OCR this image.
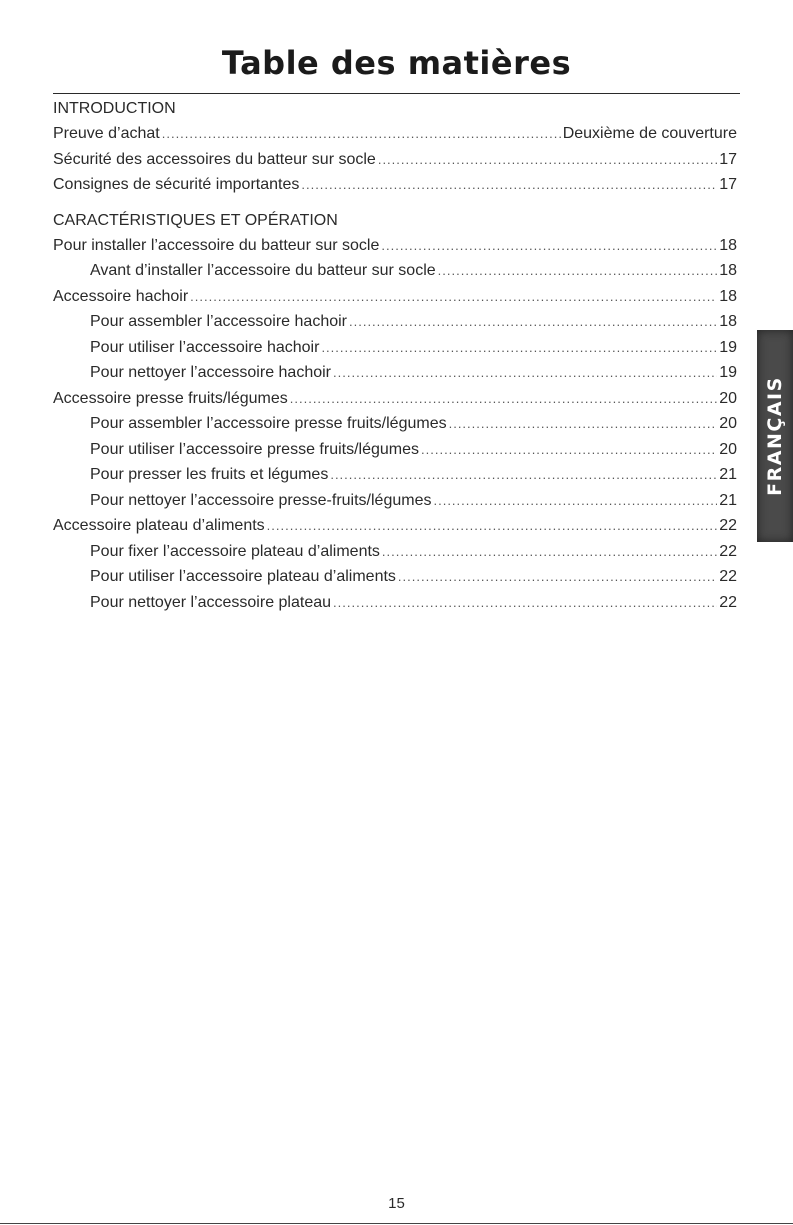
Table des matières
INTRODUCTION
Preuve d’achat .....	Deuxième de couverture
Sécurité des accessoires du batteur sur socle .....	17
Consignes de sécurité importantes .....	17
CARACTÉRISTIQUES ET OPÉRATION
Pour installer l’accessoire du batteur sur socle .....	18
Avant d’installer l’accessoire du batteur sur socle .....	18
Accessoire hachoir .....	18
Pour assembler l’accessoire hachoir .....	18
Pour utiliser l’accessoire hachoir .....	19
Pour nettoyer l’accessoire hachoir .....	19
Accessoire presse fruits/légumes .....	20
Pour assembler l’accessoire presse fruits/légumes .....	20
Pour utiliser l’accessoire presse fruits/légumes .....	20
Pour presser les fruits et légumes .....	21
Pour nettoyer l’accessoire presse-fruits/légumes .....	21
Accessoire plateau d’aliments .....	22
Pour fixer l’accessoire plateau d’aliments .....	22
Pour utiliser l’accessoire plateau d’aliments .....	22
Pour nettoyer l’accessoire plateau .....	22
FRANÇAIS
15
